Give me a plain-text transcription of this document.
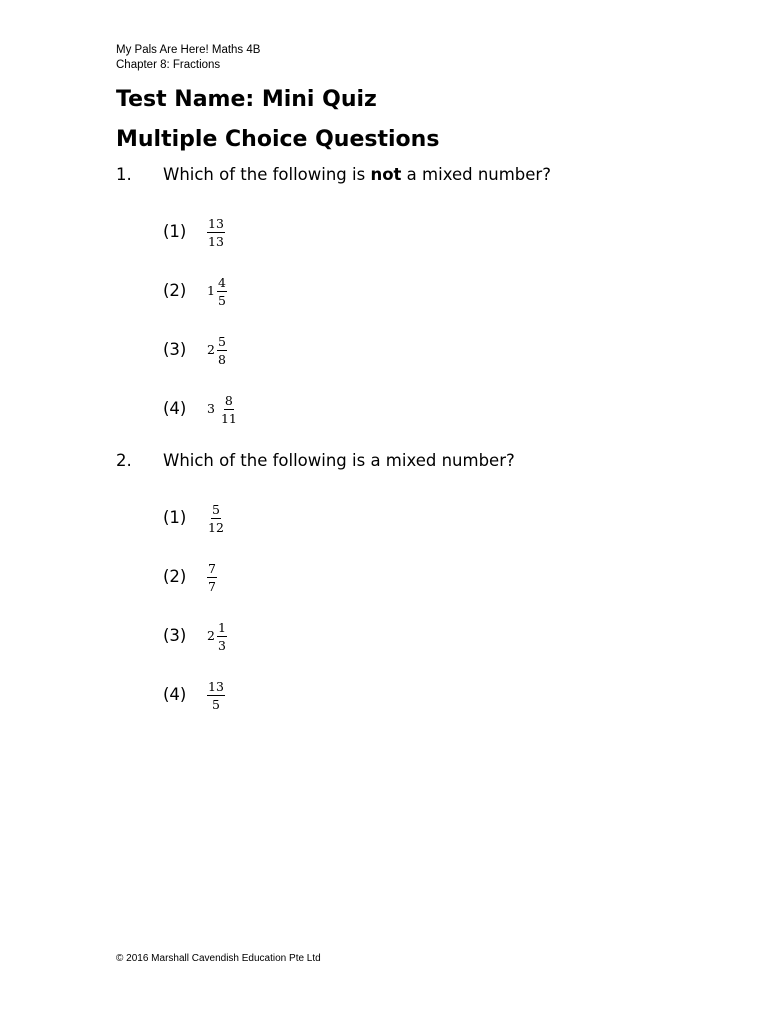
My Pals Are Here! Maths 4B
Chapter 8: Fractions
Test Name: Mini Quiz
Multiple Choice Questions
1. Which of the following is not a mixed number?
$(1) \frac{13}{13}$
(2) $1 \frac{4}{5}$
(3) $2 \frac{5}{8}$
(4) $3 \frac{8}{11}$
2. Which of the following is a mixed number?
$(1) \frac{5}{12}$
$(2) \frac{7}{7}$
(3) $2 \frac{1}{3}$
$(4) \frac{13}{5}$
© 2016 Marshall Cavendish Education Pte Ltd
